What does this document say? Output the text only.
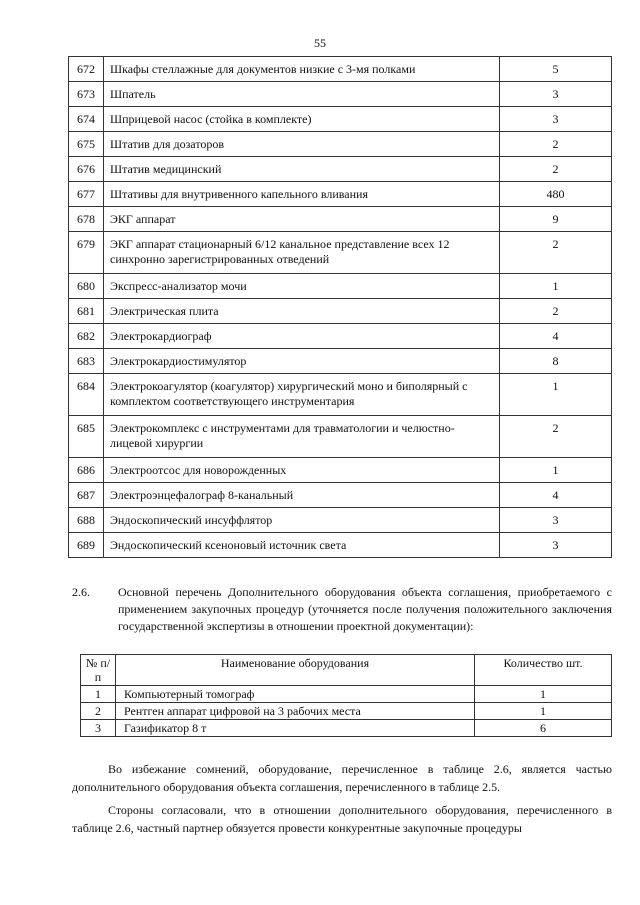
55
672	Шкафы стеллажные для документов низкие с 3-мя полками	5
673	Шпатель	3
674	Шприцевой насос (стойка в комплекте)	3
675	Штатив для дозаторов	2
676	Штатив медицинский	2
677	Штативы для внутривенного капельного вливания	480
678	ЭКГ аппарат	9
679	ЭКГ аппарат стационарный 6/12 канальное представление всех 12 синхронно зарегистрированных отведений	2
680	Экспресс-анализатор мочи	1
681	Электрическая плита	2
682	Электрокардиограф	4
683	Электрокардиостимулятор	8
684	Электрокоагулятор (коагулятор) хирургический моно и биполярный с комплектом соответствующего инструментария	1
685	Электрокомплекс с инструментами для травматологии и челюстно-лицевой хирургии	2
686	Электроотсос для новорожденных	1
687	Электроэнцефалограф 8-канальный	4
688	Эндоскопический инсуффлятор	3
689	Эндоскопический ксеноновый источник света	3
2.6. Основной перечень Дополнительного оборудования объекта соглашения, приобретаемого с применением закупочных процедур (уточняется после получения положительного заключения государственной экспертизы в отношении проектной документации):
№ п/п	Наименование оборудования	Количество шт.
1	Компьютерный томограф	1
2	Рентген аппарат цифровой на 3 рабочих места	1
3	Газификатор 8 т	6

Во избежание сомнений, оборудование, перечисленное в таблице 2.6, является частью дополнительного оборудования объекта соглашения, перечисленного в таблице 2.5.

Стороны согласовали, что в отношении дополнительного оборудования, перечисленного в таблице 2.6, частный партнер обязуется провести конкурентные закупочные процедуры
